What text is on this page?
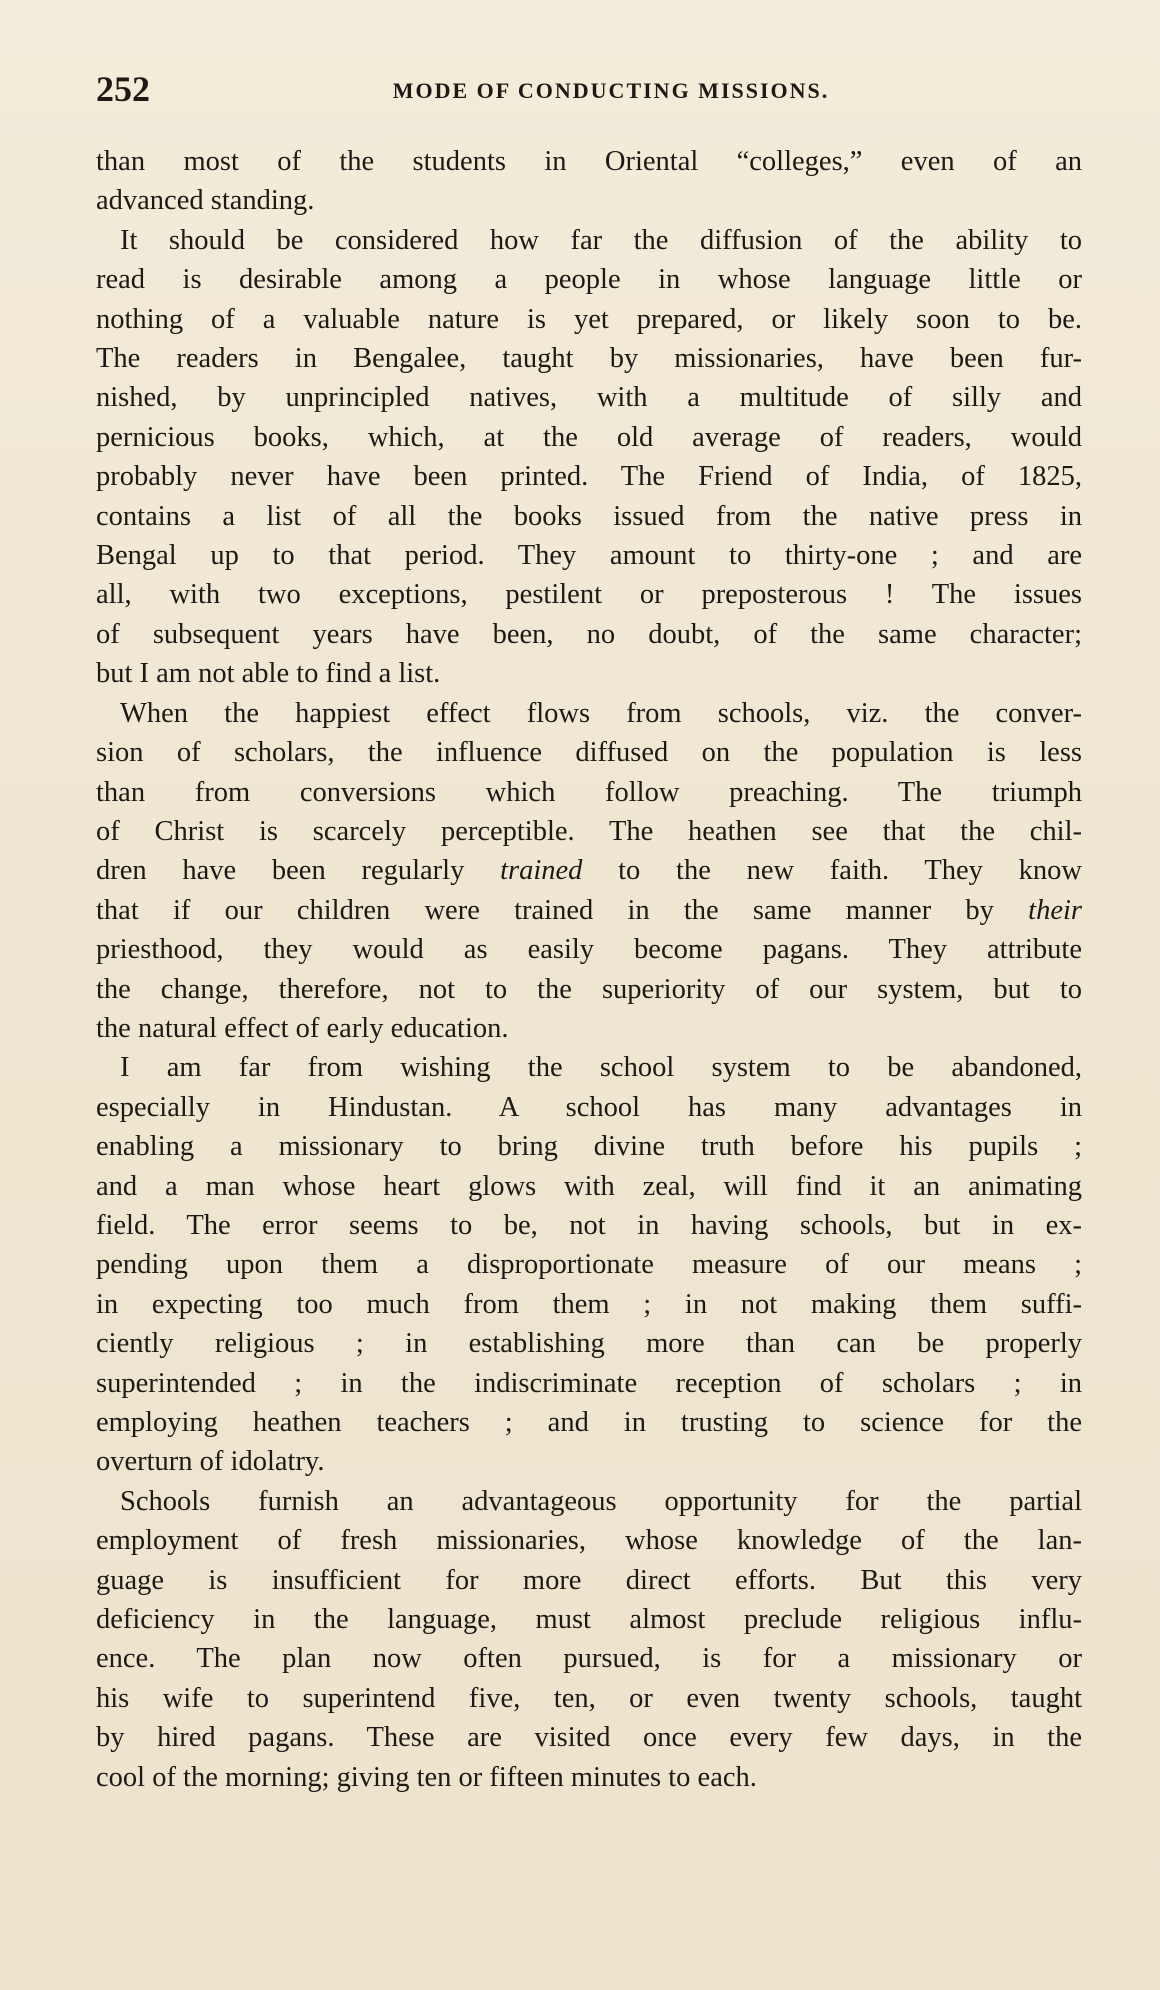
252	MODE OF CONDUCTING MISSIONS.
than most of the students in Oriental “colleges,” even of an
advanced standing.
It should be considered how far the diffusion of the ability to
read is desirable among a people in whose language little or
nothing of a valuable nature is yet prepared, or likely soon to be.
The readers in Bengalee, taught by missionaries, have been fur-
nished, by unprincipled natives, with a multitude of silly and
pernicious books, which, at the old average of readers, would
probably never have been printed. The Friend of India, of 1825,
contains a list of all the books issued from the native press in
Bengal up to that period. They amount to thirty-one ; and are
all, with two exceptions, pestilent or preposterous ! The issues
of subsequent years have been, no doubt, of the same character;
but I am not able to find a list.
When the happiest effect flows from schools, viz. the conver-
sion of scholars, the influence diffused on the population is less
than from conversions which follow preaching. The triumph
of Christ is scarcely perceptible. The heathen see that the chil-
dren have been regularly trained to the new faith. They know
that if our children were trained in the same manner by their
priesthood, they would as easily become pagans. They attribute
the change, therefore, not to the superiority of our system, but to
the natural effect of early education.
I am far from wishing the school system to be abandoned,
especially in Hindustan. A school has many advantages in
enabling a missionary to bring divine truth before his pupils ;
and a man whose heart glows with zeal, will find it an animating
field. The error seems to be, not in having schools, but in ex-
pending upon them a disproportionate measure of our means ;
in expecting too much from them ; in not making them suffi-
ciently religious ; in establishing more than can be properly
superintended ; in the indiscriminate reception of scholars ; in
employing heathen teachers ; and in trusting to science for the
overturn of idolatry.
Schools furnish an advantageous opportunity for the partial
employment of fresh missionaries, whose knowledge of the lan-
guage is insufficient for more direct efforts. But this very
deficiency in the language, must almost preclude religious influ-
ence. The plan now often pursued, is for a missionary or
his wife to superintend five, ten, or even twenty schools, taught
by hired pagans. These are visited once every few days, in the
cool of the morning; giving ten or fifteen minutes to each.
